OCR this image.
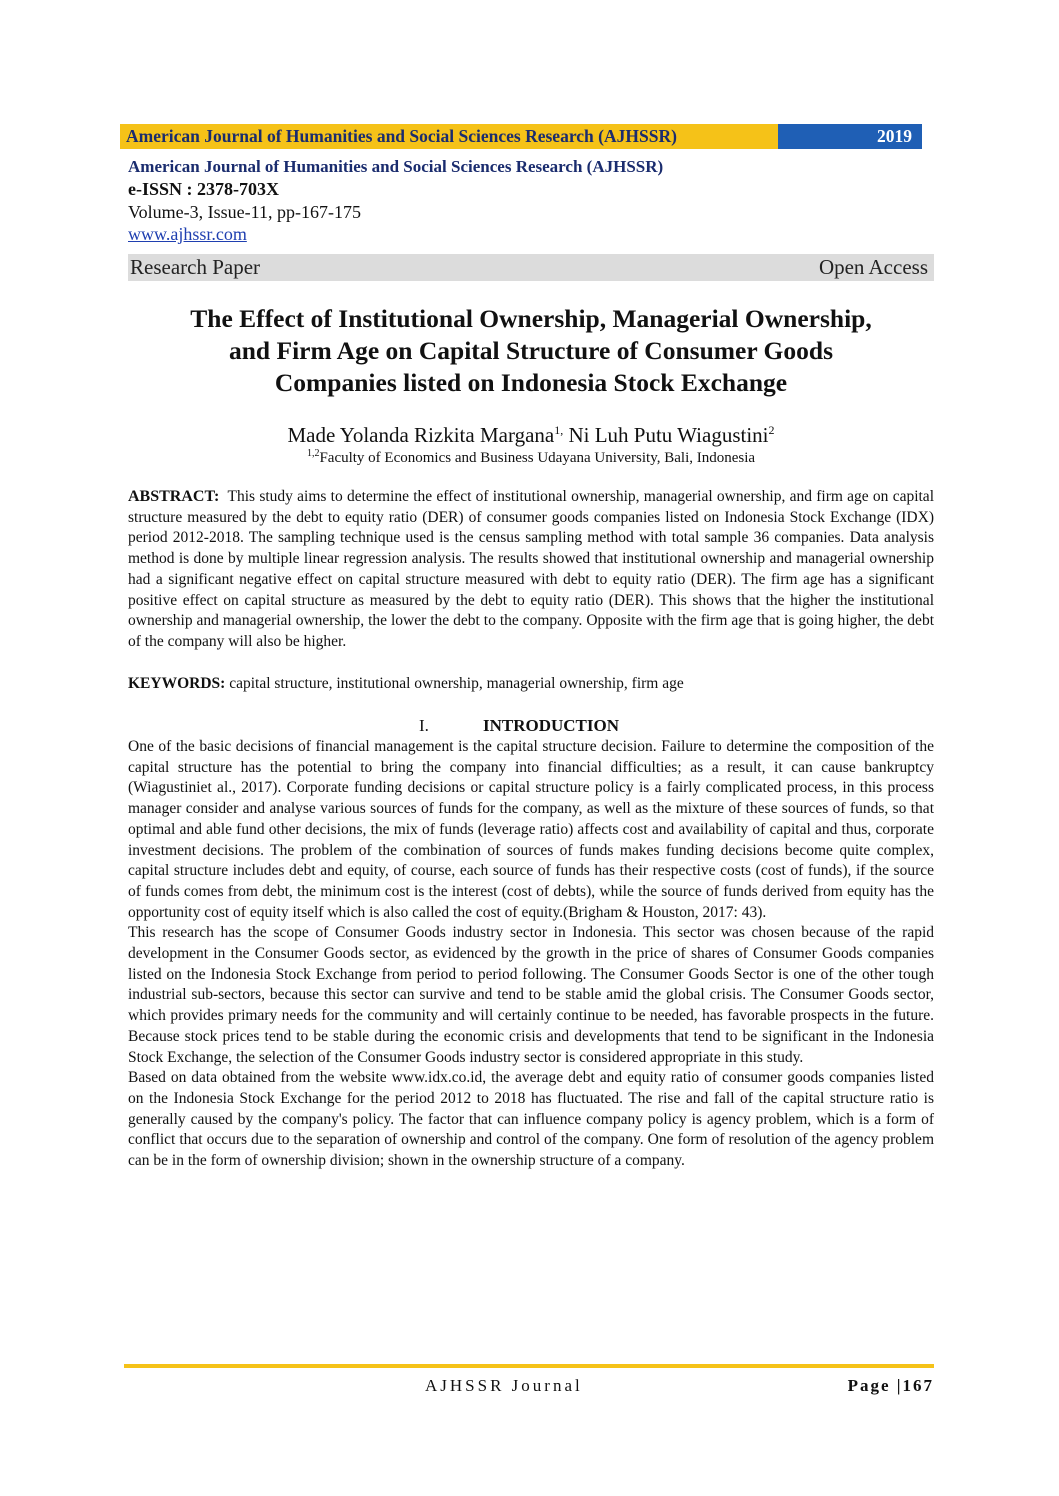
American Journal of Humanities and Social Sciences Research (AJHSSR)	2019
American Journal of Humanities and Social Sciences Research (AJHSSR)
e-ISSN : 2378-703X
Volume-3, Issue-11, pp-167-175
www.ajhssr.com
Research Paper	Open Access
The Effect of Institutional Ownership, Managerial Ownership,
and Firm Age on Capital Structure of Consumer Goods
Companies listed on Indonesia Stock Exchange
Made Yolanda Rizkita Margana$^{1,}$ Ni Luh Putu Wiagustini$^2$
$^{1,2}$Faculty of Economics and Business Udayana University, Bali, Indonesia
ABSTRACT: This study aims to determine the effect of institutional ownership, managerial ownership, and firm age on capital structure measured by the debt to equity ratio (DER) of consumer goods companies listed on Indonesia Stock Exchange (IDX) period 2012-2018. The sampling technique used is the census sampling method with total sample 36 companies. Data analysis method is done by multiple linear regression analysis. The results showed that institutional ownership and managerial ownership had a significant negative effect on capital structure measured with debt to equity ratio (DER). The firm age has a significant positive effect on capital structure as measured by the debt to equity ratio (DER). This shows that the higher the institutional ownership and managerial ownership, the lower the debt to the company. Opposite with the firm age that is going higher, the debt of the company will also be higher.
KEYWORDS: capital structure, institutional ownership, managerial ownership, firm age
I.	INTRODUCTION

One of the basic decisions of financial management is the capital structure decision. Failure to determine the composition of the capital structure has the potential to bring the company into financial difficulties; as a result, it can cause bankruptcy (Wiagustiniet al., 2017). Corporate funding decisions or capital structure policy is a fairly complicated process, in this process manager consider and analyse various sources of funds for the company, as well as the mixture of these sources of funds, so that optimal and able fund other decisions, the mix of funds (leverage ratio) affects cost and availability of capital and thus, corporate investment decisions. The problem of the combination of sources of funds makes funding decisions become quite complex, capital structure includes debt and equity, of course, each source of funds has their respective costs (cost of funds), if the source of funds comes from debt, the minimum cost is the interest (cost of debts), while the source of funds derived from equity has the opportunity cost of equity itself which is also called the cost of equity.(Brigham & Houston, 2017: 43).

This research has the scope of Consumer Goods industry sector in Indonesia. This sector was chosen because of the rapid development in the Consumer Goods sector, as evidenced by the growth in the price of shares of Consumer Goods companies listed on the Indonesia Stock Exchange from period to period following. The Consumer Goods Sector is one of the other tough industrial sub-sectors, because this sector can survive and tend to be stable amid the global crisis. The Consumer Goods sector, which provides primary needs for the community and will certainly continue to be needed, has favorable prospects in the future. Because stock prices tend to be stable during the economic crisis and developments that tend to be significant in the Indonesia Stock Exchange, the selection of the Consumer Goods industry sector is considered appropriate in this study.

Based on data obtained from the website www.idx.co.id, the average debt and equity ratio of consumer goods companies listed on the Indonesia Stock Exchange for the period 2012 to 2018 has fluctuated. The rise and fall of the capital structure ratio is generally caused by the company's policy. The factor that can influence company policy is agency problem, which is a form of conflict that occurs due to the separation of ownership and control of the company. One form of resolution of the agency problem can be in the form of ownership division; shown in the ownership structure of a company.

AJHSSR Journal	Page |167
